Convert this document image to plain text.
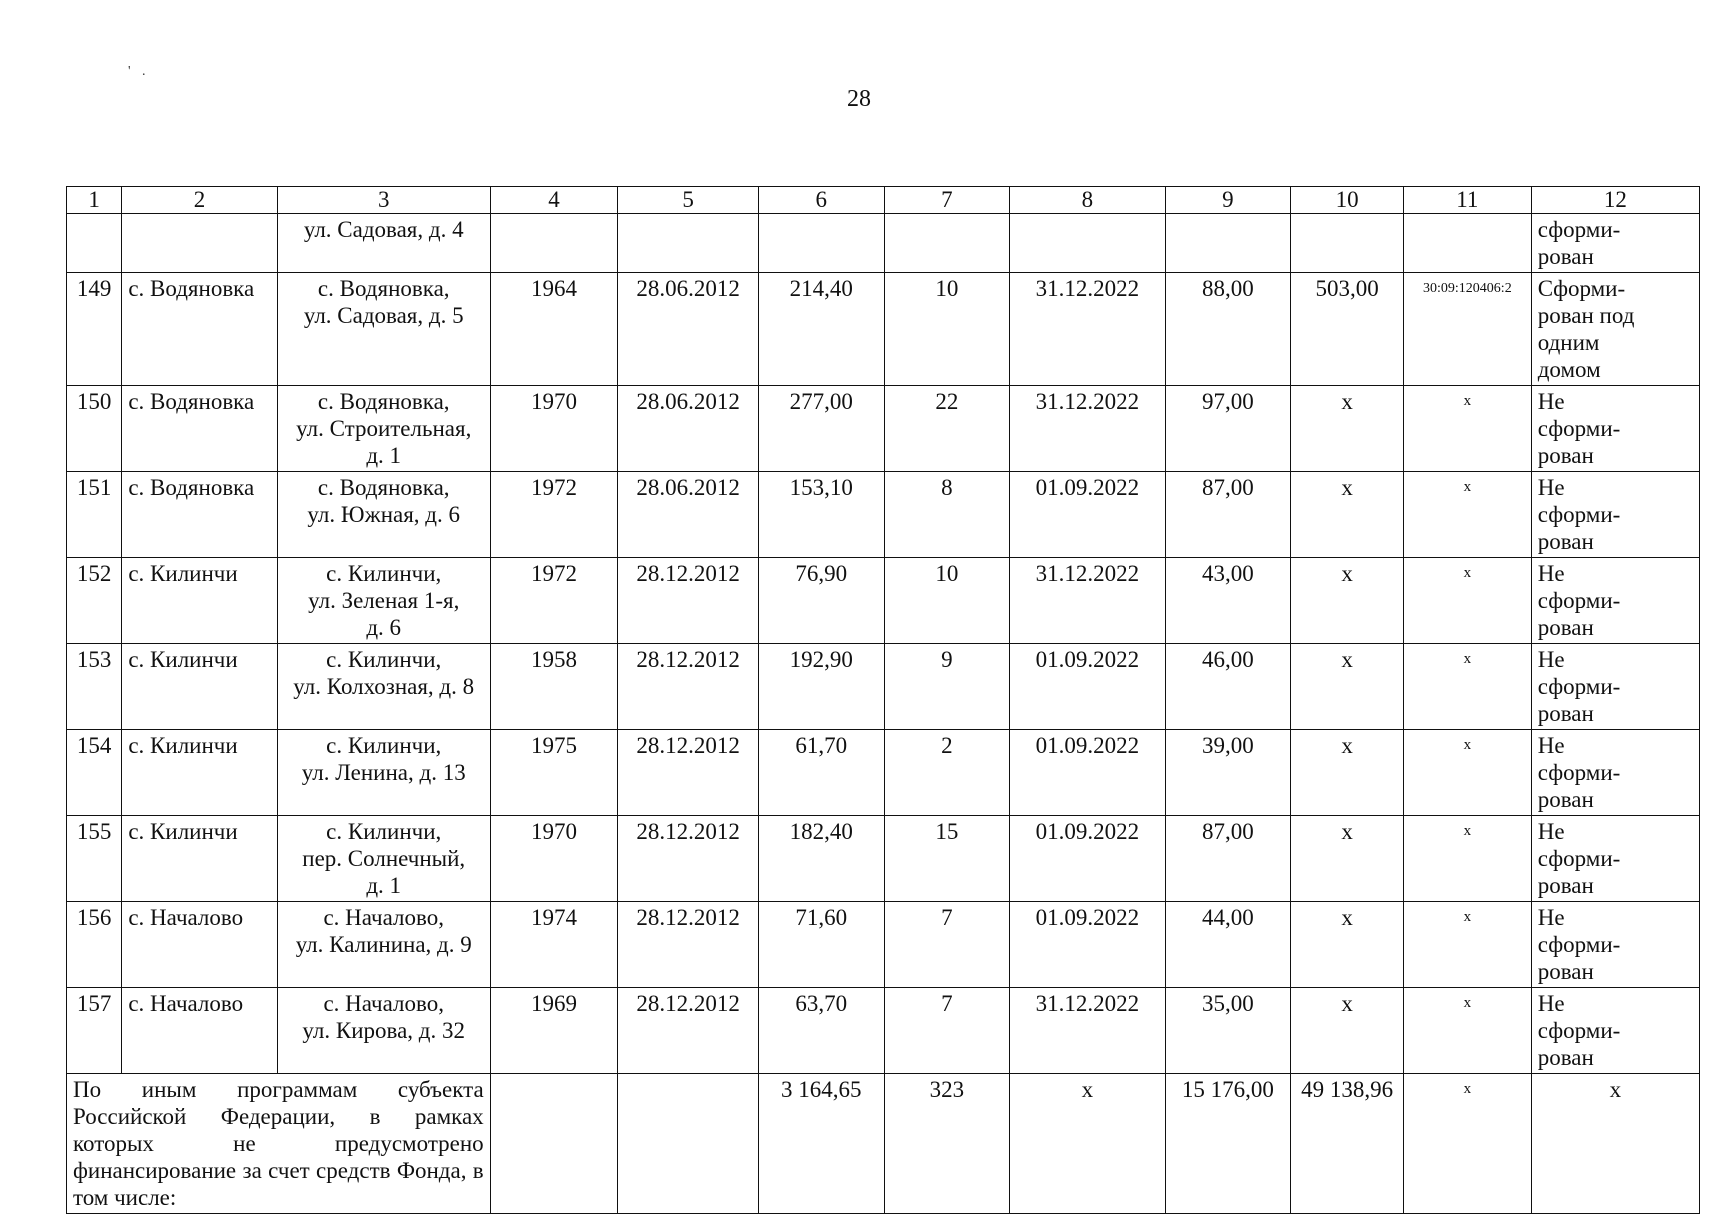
' .
28
1	2	3	4	5	6	7	8	9	10	11	12

		ул. Садовая, д. 4									сформи-
рован

149	с. Водяновка	с. Водяновка,
ул. Садовая, д. 5	1964	28.06.2012	214,40	10	31.12.2022	88,00	503,00	30:09:120406:2	Сформи-
рован под
одним
домом

150	с. Водяновка	с. Водяновка,
ул. Строительная,
д. 1	1970	28.06.2012	277,00	22	31.12.2022	97,00	x	x	Не
сформи-
рован

151	с. Водяновка	с. Водяновка,
ул. Южная, д. 6	1972	28.06.2012	153,10	8	01.09.2022	87,00	x	x	Не
сформи-
рован

152	с. Килинчи	с. Килинчи,
ул. Зеленая 1-я,
д. 6	1972	28.12.2012	76,90	10	31.12.2022	43,00	x	x	Не
сформи-
рован

153	с. Килинчи	с. Килинчи,
ул. Колхозная, д. 8	1958	28.12.2012	192,90	9	01.09.2022	46,00	x	x	Не
сформи-
рован

154	с. Килинчи	с. Килинчи,
ул. Ленина, д. 13	1975	28.12.2012	61,70	2	01.09.2022	39,00	x	x	Не
сформи-
рован

155	с. Килинчи	с. Килинчи,
пер. Солнечный,
д. 1	1970	28.12.2012	182,40	15	01.09.2022	87,00	x	x	Не
сформи-
рован

156	с. Началово	с. Началово,
ул. Калинина, д. 9	1974	28.12.2012	71,60	7	01.09.2022	44,00	x	x	Не
сформи-
рован

157	с. Началово	с. Началово,
ул. Кирова, д. 32	1969	28.12.2012	63,70	7	31.12.2022	35,00	x	x	Не
сформи-
рован

По иным программам субъекта Российской Федерации, в рамках которых не предусмотрено финансирование за счет средств Фонда, в том числе:					3 164,65	323	x	15 176,00	49 138,96	x	x
